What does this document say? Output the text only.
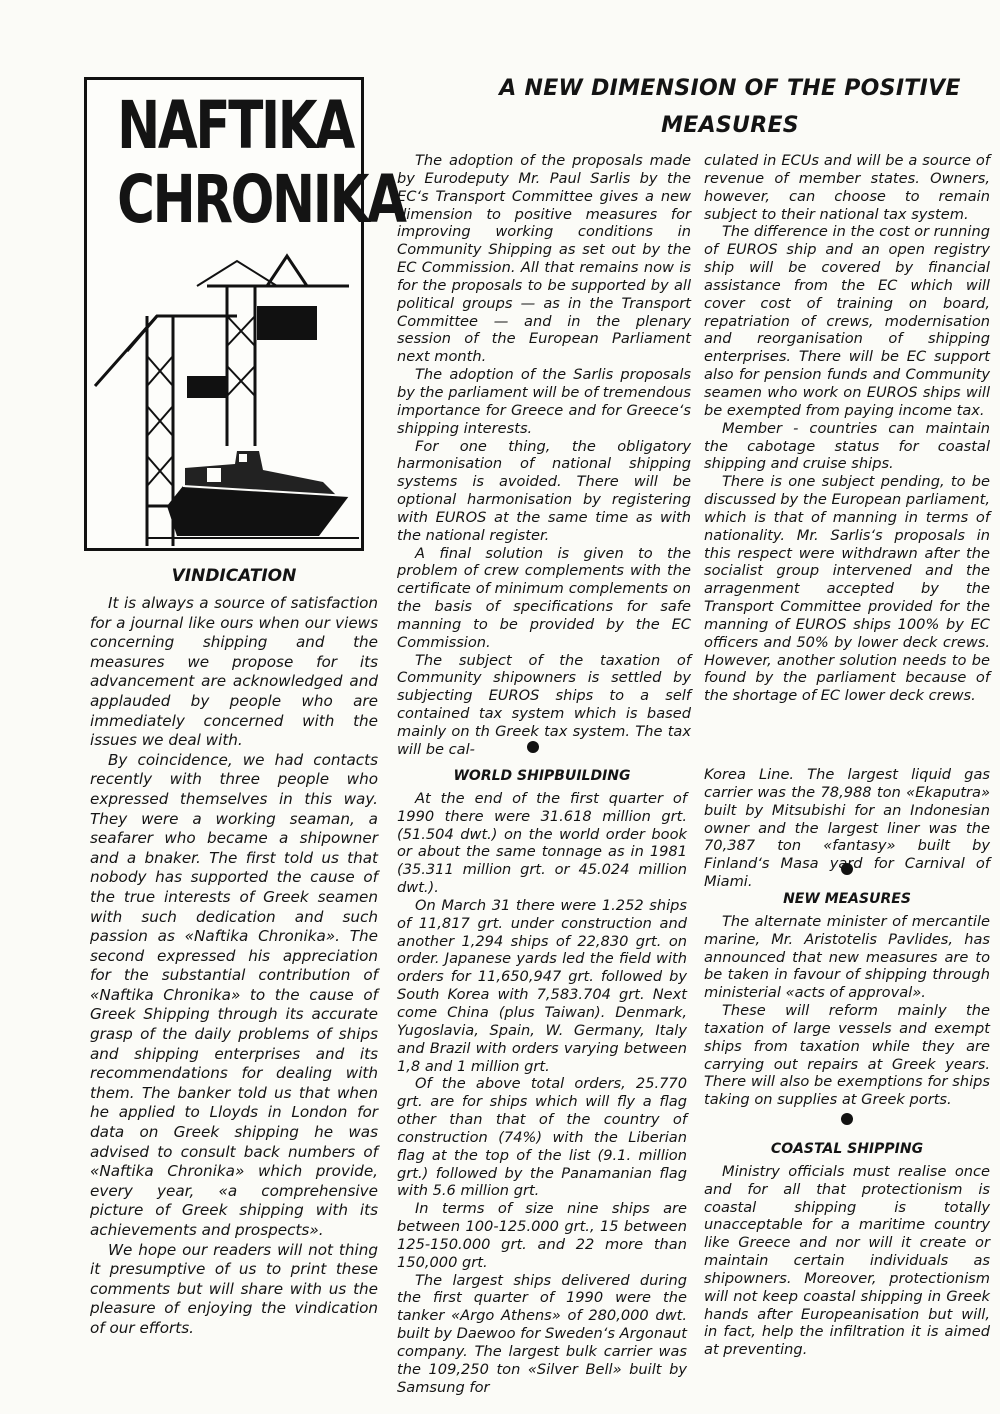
NAFTIKA
CHRONIKA
A NEW DIMENSION OF THE POSITIVE
MEASURES

The adoption of the proposals made by Eurodeputy Mr. Paul Sarlis by the EC‘s Transport Committee gives a new dimension to positive measures for improving working conditions in Community Shipping as set out by the EC Commission. All that remains now is for the proposals to be supported by all political groups — as in the Transport Committee — and in the plenary session of the European Parliament next month.

The adoption of the Sarlis proposals by the parliament will be of tremendous importance for Greece and for Greece‘s shipping interests.

For one thing, the obligatory harmonisation of national shipping systems is avoided. There will be optional harmonisation by registering with EUROS at the same time as with the national register.

A final solution is given to the problem of crew complements with the certificate of minimum complements on the basis of specifications for safe manning to be provided by the EC Commission.

The subject of the taxation of Community shipowners is settled by subjecting EUROS ships to a self contained tax system which is based mainly on th Greek tax system. The tax will be cal-

culated in ECUs and will be a source of revenue of member states. Owners, however, can choose to remain subject to their national tax system.

The difference in the cost or running of EUROS ship and an open registry ship will be covered by financial assistance from the EC which will cover cost of training on board, repatriation of crews, modernisation and reorganisation of shipping enterprises. There will be EC support also for pension funds and Community seamen who work on EUROS ships will be exempted from paying income tax.

Member - countries can maintain the cabotage status for coastal shipping and cruise ships.

There is one subject pending, to be discussed by the European parliament, which is that of manning in terms of nationality. Mr. Sarlis‘s proposals in this respect were withdrawn after the socialist group intervened and the arragenment accepted by the Transport Committee provided for the manning of EUROS ships 100% by EC officers and 50% by lower deck crews. However, another solution needs to be found by the parliament because of the shortage of EC lower deck crews.

VINDICATION

It is always a source of satisfaction for a journal like ours when our views concerning shipping and the measures we propose for its advancement are acknowledged and applauded by people who are immediately concerned with the issues we deal with.

By coincidence, we had contacts recently with three people who expressed themselves in this way. They were a working seaman, a seafarer who became a shipowner and a bnaker. The first told us that nobody has supported the cause of the true interests of Greek seamen with such dedication and such passion as «Naftika Chronika». The second expressed his appreciation for the substantial contribution of «Naftika Chronika» to the cause of Greek Shipping through its accurate grasp of the daily problems of ships and shipping enterprises and its recommendations for dealing with them. The banker told us that when he applied to Lloyds in London for data on Greek shipping he was advised to consult back numbers of «Naftika Chronika» which provide, every year, «a comprehensive picture of Greek shipping with its achievements and prospects».

We hope our readers will not thing it presumptive of us to print these comments but will share with us the pleasure of enjoying the vindication of our efforts.

WORLD SHIPBUILDING

At the end of the first quarter of 1990 there were 31.618 million grt. (51.504 dwt.) on the world order book or about the same tonnage as in 1981 (35.311 million grt. or 45.024 million dwt.).

On March 31 there were 1.252 ships of 11,817 grt. under construction and another 1,294 ships of 22,830 grt. on order. Japanese yards led the field with orders for 11,650,947 grt. followed by South Korea with 7,583.704 grt. Next come China (plus Taiwan). Denmark, Yugoslavia, Spain, W. Germany, Italy and Brazil with orders varying between 1,8 and 1 million grt.

Of the above total orders, 25.770 grt. are for ships which will fly a flag other than that of the country of construction (74%) with the Liberian flag at the top of the list (9.1. million grt.) followed by the Panamanian flag with 5.6 million grt.

In terms of size nine ships are between 100-125.000 grt., 15 between 125-150.000 grt. and 22 more than 150,000 grt.

The largest ships delivered during the first quarter of 1990 were the tanker «Argo Athens» of 280,000 dwt. built by Daewoo for Sweden‘s Argonaut company. The largest bulk carrier was the 109,250 ton «Silver Bell» built by Samsung for

Korea Line. The largest liquid gas carrier was the 78,988 ton «Ekaputra» built by Mitsubishi for an Indonesian owner and the largest liner was the 70,387 ton «fantasy» built by Finland‘s Masa yard for Carnival of Miami.

NEW MEASURES

The alternate minister of mercantile marine, Mr. Aristotelis Pavlides, has announced that new measures are to be taken in favour of shipping through ministerial «acts of approval».

These will reform mainly the taxation of large vessels and exempt ships from taxation while they are carrying out repairs at Greek years. There will also be exemptions for ships taking on supplies at Greek ports.

COASTAL SHIPPING

Ministry officials must realise once and for all that protectionism is coastal shipping is totally unacceptable for a maritime country like Greece and nor will it create or maintain certain individuals as shipowners. Moreover, protectionism will not keep coastal shipping in Greek hands after Europeanisation but will, in fact, help the infiltration it is aimed at preventing.
